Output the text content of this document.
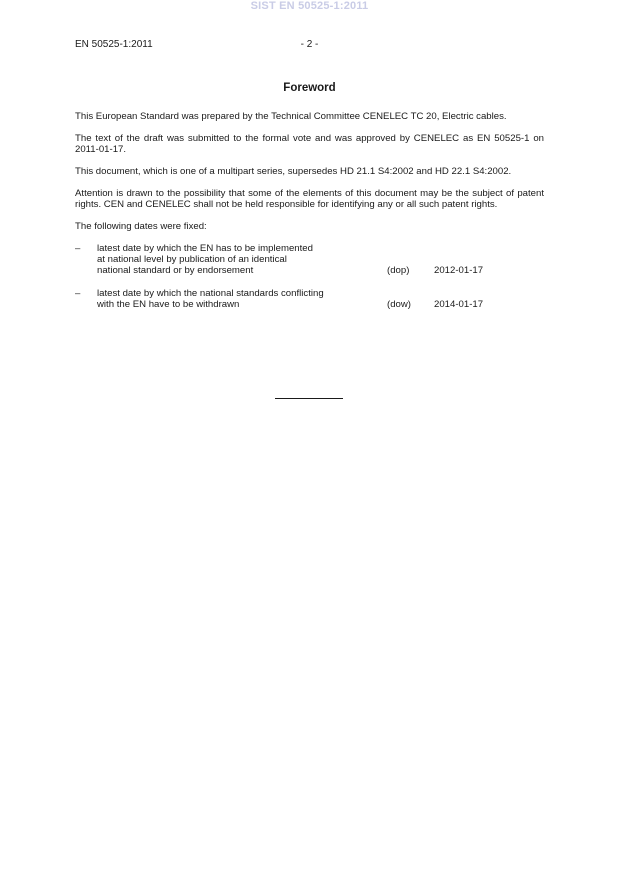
SIST EN 50525-1:2011
EN 50525-1:2011	- 2 -
Foreword

This European Standard was prepared by the Technical Committee CENELEC TC 20, Electric cables.

The text of the draft was submitted to the formal vote and was approved by CENELEC as EN 50525-1 on 2011-01-17.

This document, which is one of a multipart series, supersedes HD 21.1 S4:2002 and HD 22.1 S4:2002.

Attention is drawn to the possibility that some of the elements of this document may be the subject of patent rights. CEN and CENELEC shall not be held responsible for identifying any or all such patent rights.

The following dates were fixed:

–	latest date by which the EN has to be implemented
at national level by publication of an identical
national standard or by endorsement	(dop)	2012-01-17
–	latest date by which the national standards conflicting
with the EN have to be withdrawn	(dow)	2014-01-17
